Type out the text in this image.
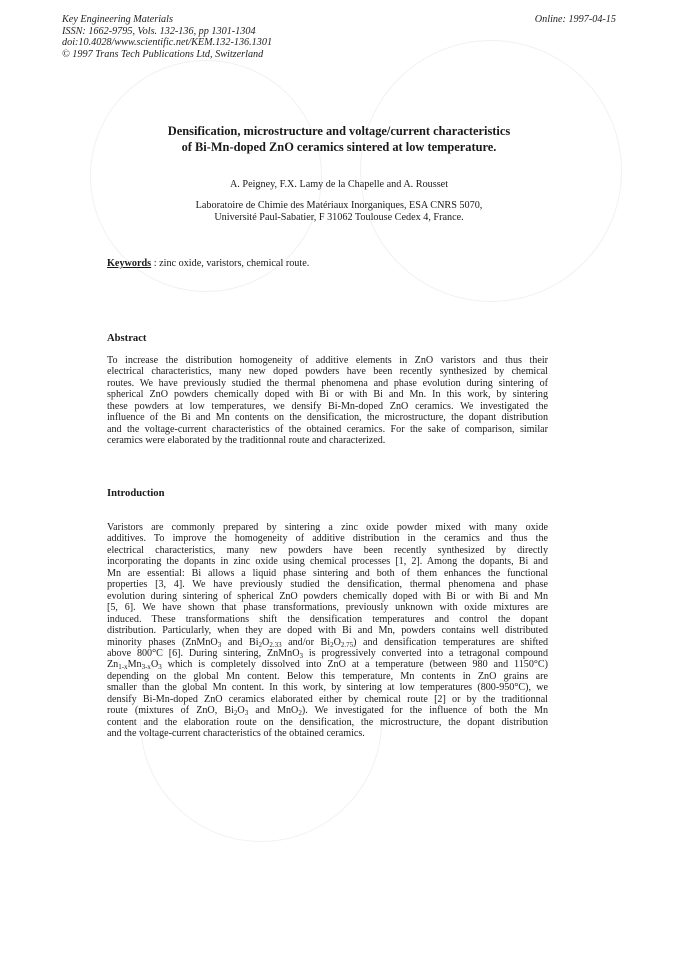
Key Engineering Materials
ISSN: 1662-9795, Vols. 132-136, pp 1301-1304
doi:10.4028/www.scientific.net/KEM.132-136.1301
© 1997 Trans Tech Publications Ltd, Switzerland
Online: 1997-04-15
Densification, microstructure and voltage/current characteristics
of Bi-Mn-doped ZnO ceramics sintered at low temperature.
A. Peigney, F.X. Lamy de la Chapelle and A. Rousset
Laboratoire de Chimie des Matériaux Inorganiques, ESA CNRS 5070,
Université Paul-Sabatier, F 31062 Toulouse Cedex 4, France.
Keywords : zinc oxide, varistors, chemical route.
Abstract
To increase the distribution homogeneity of additive elements in ZnO varistors and thus their
electrical characteristics, many new doped powders have been recently synthesized by chemical
routes. We have previously studied the thermal phenomena and phase evolution during sintering of
spherical ZnO powders chemically doped with Bi or with Bi and Mn. In this work, by sintering
these powders at low temperatures, we densify Bi-Mn-doped ZnO ceramics. We investigated the
influence of the Bi and Mn contents on the densification, the microstructure, the dopant distribution
and the voltage-current characteristics of the obtained ceramics. For the sake of comparison, similar
ceramics were elaborated by the traditionnal route and characterized.
Introduction
Varistors are commonly prepared by sintering a zinc oxide powder mixed with many oxide
additives. To improve the homogeneity of additive distribution in the ceramics and thus the
electrical characteristics, many new powders have been recently synthesized by directly
incorporating the dopants in zinc oxide using chemical processes [1, 2]. Among the dopants, Bi and
Mn are essential: Bi allows a liquid phase sintering and both of them enhances the functional
properties [3, 4]. We have previously studied the densification, thermal phenomena and phase
evolution during sintering of spherical ZnO powders chemically doped with Bi or with Bi and Mn
[5, 6]. We have shown that phase transformations, previously unknown with oxide mixtures are
induced. These transformations shift the densification temperatures and control the dopant
distribution. Particularly, when they are doped with Bi and Mn, powders contains well distributed
minority phases (ZnMnO$_3$ and $Bi_2O_{2.33}$ and/or $Bi_2O_{2.75}$) and densification temperatures are shifted
above 800°C [6]. During sintering, ZnMnO$_3$ is progressively converted into a tetragonal compound
$Zn_{1-x}Mn_{3-x}O_3$ which is completely dissolved into ZnO at a temperature (between 980 and 1150°C)
depending on the global Mn content. Below this temperature, Mn contents in ZnO grains are
smaller than the global Mn content. In this work, by sintering at low temperatures (800-950°C), we
densify Bi-Mn-doped ZnO ceramics elaborated either by chemical route [2] or by the traditionnal
route (mixtures of ZnO, $Bi_2O_3$ and MnO$_2$). We investigated for the influence of both the Mn
content and the elaboration route on the densification, the microstructure, the dopant distribution
and the voltage-current characteristics of the obtained ceramics.
